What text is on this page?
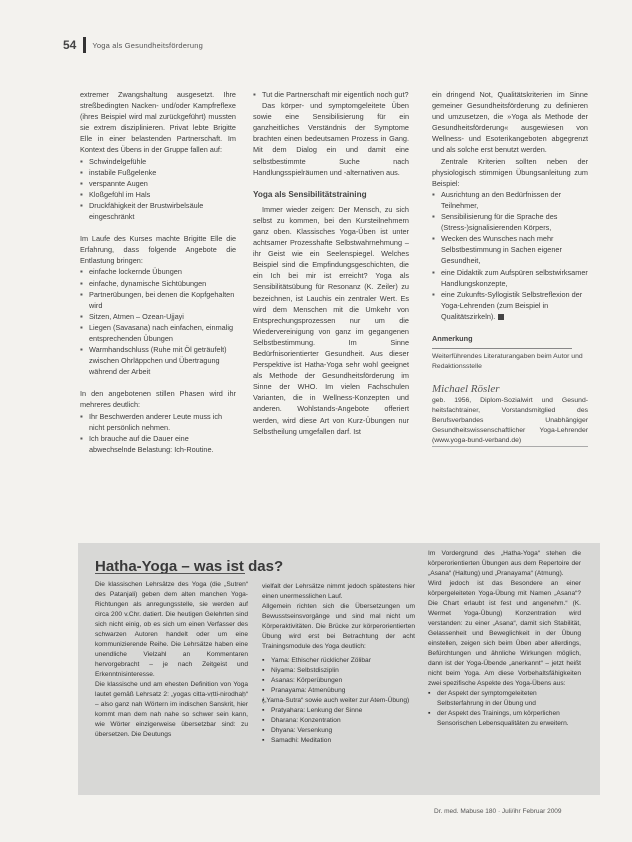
54 Yoga als Gesundheitsförderung

extremer Zwangshaltung ausgesetzt. Ihre streßbedingten Nacken- und/oder Kampfreflexe (ihres Beispiel wird mal zurückgeführt) mussten sie extrem disziplinieren. Privat lebte Brigitte Elle in einer belastenden Partnerschaft. Im Kontext des Übens in der Gruppe fallen auf:

▪ Schwindelgefühle
▪ instabile Fußgelenke
▪ verspannte Augen
▪ Kloßgefühl im Hals
▪ Druckfähigkeit der Brustwirbelsäule eingeschränkt

Im Laufe des Kurses machte Brigitte Elle die Erfahrung, dass folgende Angebote die Entlastung bringen:

▪ einfache lockernde Übungen
▪ einfache, dynamische Sichtübungen
▪ Partnerübungen, bei denen die Kopfgehalten wird
▪ Sitzen, Atmen – Ozean-Ujjayi
▪ Liegen (Savasana) nach einfachen, einmalig entsprechenden Übungen
▪ Warmhandschluss (Ruhe mit Öl geträufelt) zwischen Ohrläppchen und Übertragung während der Arbeit

In den angebotenen stillen Phasen wird ihr mehreres deutlich:

▪ Ihr Beschwerden anderer Leute muss ich nicht persönlich nehmen.
▪ Ich brauche auf die Dauer eine abwechselnde Belastung: Ich-Routine.
▪ Tut die Partnerschaft mir eigentlich noch gut?

Das körper- und symptomgeleitete Üben sowie eine Sensibilisierung für ein ganzheitliches Verständnis der Symptome brachten einen bedeutsamen Prozess in Gang. Mit dem Dialog ein und damit eine selbstbestimmte Suche nach Handlungsspielräumen und -alternativen aus.

Yoga als Sensibilitätstraining

Immer wieder zeigen: Der Mensch, zu sich selbst zu kommen, bei den Kursteilnehmern ganz oben. Klassisches Yoga-Üben ist unter achtsamer Prozesshafte Selbstwahrnehmung – ihr Geist wie ein Seelenspiegel. Welches Beispiel sind die Empfindungsgeschichten, die ein Ich bei mir ist erreicht? Yoga als Sensibilitätsübung für Resonanz (K. Zeiler) zu bezeichnen, ist Lauchis ein zentraler Wert. Es wird dem Menschen mit die Umkehr von Entsprechungsprozessen nur um die Wiedervereinigung von ganz im gegangenen Selbstbestimmung. Im Sinne Bedürfnisorientierter Gesundheit. Aus dieser Perspektive ist Hatha-Yoga sehr wohl geeignet als Methode der Gesundheitsförderung im Sinne der WHO. Im vielen Fachschulen Varianten, die in Wellness-Konzepten und anderen. Wohlstands-Angebote offeriert werden, wird diese Art von Kurz-Übungen nur Selbstheilung umgefallen darf. Ist

ein dringend Not, Qualitätskriterien im Sinne gemeiner Gesundheitsförderung zu definieren und umzusetzen, die »Yoga als Methode der Gesundheitsförderung« ausgewiesen von Wellness- und Esoterikangeboten abgegrenzt und als solche erst benutzt werden.

Zentrale Kriterien sollten neben der physiologisch stimmigen Übungsanleitung zum Beispiel:

▪ Ausrichtung an den Bedürfnissen der Teilnehmer,
▪ Sensibilisierung für die Sprache des (Stress-)signalisierenden Körpers,
▪ Wecken des Wunsches nach mehr Selbstbestimmung in Sachen eigener Gesundheit,
▪ eine Didaktik zum Aufspüren selbstwirksamer Handlungskonzepte,
▪ eine Zukunfts-Syllogistik Selbstreflexion der Yoga-Lehrenden (zum Beispiel in Qualitätszirkeln).
Anmerkung
Weiterführendes Literaturangaben beim Autor und Redaktionsstelle
Michael Rösler

geb. 1956, Diplom-Sozialwirt und Gesundheitsfachtrainer, Vorstandsmitglied des Berufsverbandes Unabhängiger Gesundheitswissenschaftlicher Yoga-Lehrender (www.yoga-bund-verband.de)

Hatha-Yoga – was ist das?

Die klassischen Lehrsätze des Yoga (die „Sutren“ des Patanjali) geben dem alten manchen Yoga-Richtungen als anregungsstelle, sie werden auf circa 200 v.Chr. datiert. Die heutigen Gelehrten sind sich nicht einig, ob es sich um einen Verfasser des schwarzen Autoren handelt oder um eine kommunizierende Reihe. Die Lehrsätze haben eine unendliche Vielzahl an Kommentaren hervorgebracht – je nach Zeitgeist und Erkenntnisinteresse.
Die klassische und am ehesten Definition von Yoga lautet gemäß Lehrsatz 2: „yogas citta-vṛtti-nirodhaḥ“ – also ganz nah Wörtern im indischen Sanskrit, hier kommt man dem nah nahe so schwer sein kann, wie Wörter einzigerweise übersetzbar sind: zu übersetzen. Die Deutungs

vielfalt der Lehrsätze nimmt jedoch spätestens hier einen unermesslichen Lauf.
Allgemein richten sich die Übersetzungen um Bewusstseinsvorgänge und sind mal nicht um Körperaktivitäten. Die Brücke zur körperorientierten Übung wird erst bei Betrachtung der acht Trainingsmodule des Yoga deutlich:

▪ Yama: Ethischer rücklicher Zölibar
▪ Niyama: Selbstdisziplin
▪ Asanas: Körperübungen
▪ Pranayama: Atmenübung
▪ („Yama-Sutra“ sowie auch weiter zur Atem-Übung)
▪ Pratyahara: Lenkung der Sinne
▪ Dharana: Konzentration
▪ Dhyana: Versenkung
▪ Samadhi: Meditation

Im Vordergrund des „Hatha-Yoga“ stehen die körperorientierten Übungen aus dem Repertoire der „Asana“ (Haltung) und „Pranayama“ (Atmung).
Wird jedoch ist das Besondere an einer körpergeleiteten Yoga-Übung mit Namen „Asana“? Die Chart erlaubt ist fest und angenehm.“ (K. Wermet Yoga-Übung) Konzentration wird verstanden: zu einer „Asana“, damit sich Stabilität, Gelassenheit und Beweglichkeit in der Übung einstellen, zeigen sich beim Üben aber allerdings, Befürchtungen und ähnliche Wirkungen möglich, dann ist der Yoga-Übende „anerkannt“ – jetzt heißt nicht beim Yoga. Am diese Vorbehaltsfähigkeiten zwei spezifische Aspekte des Yoga-Übens aus:

▪ der Aspekt der symptomgeleiteten Selbsterfahrung in der Übung und
▪ der Aspekt des Trainings, um körperlichen Sensorischen Lebensqualitäten zu erweitern.
Dr. med. Mabuse 180 · Juli/ihr Februar 2009
